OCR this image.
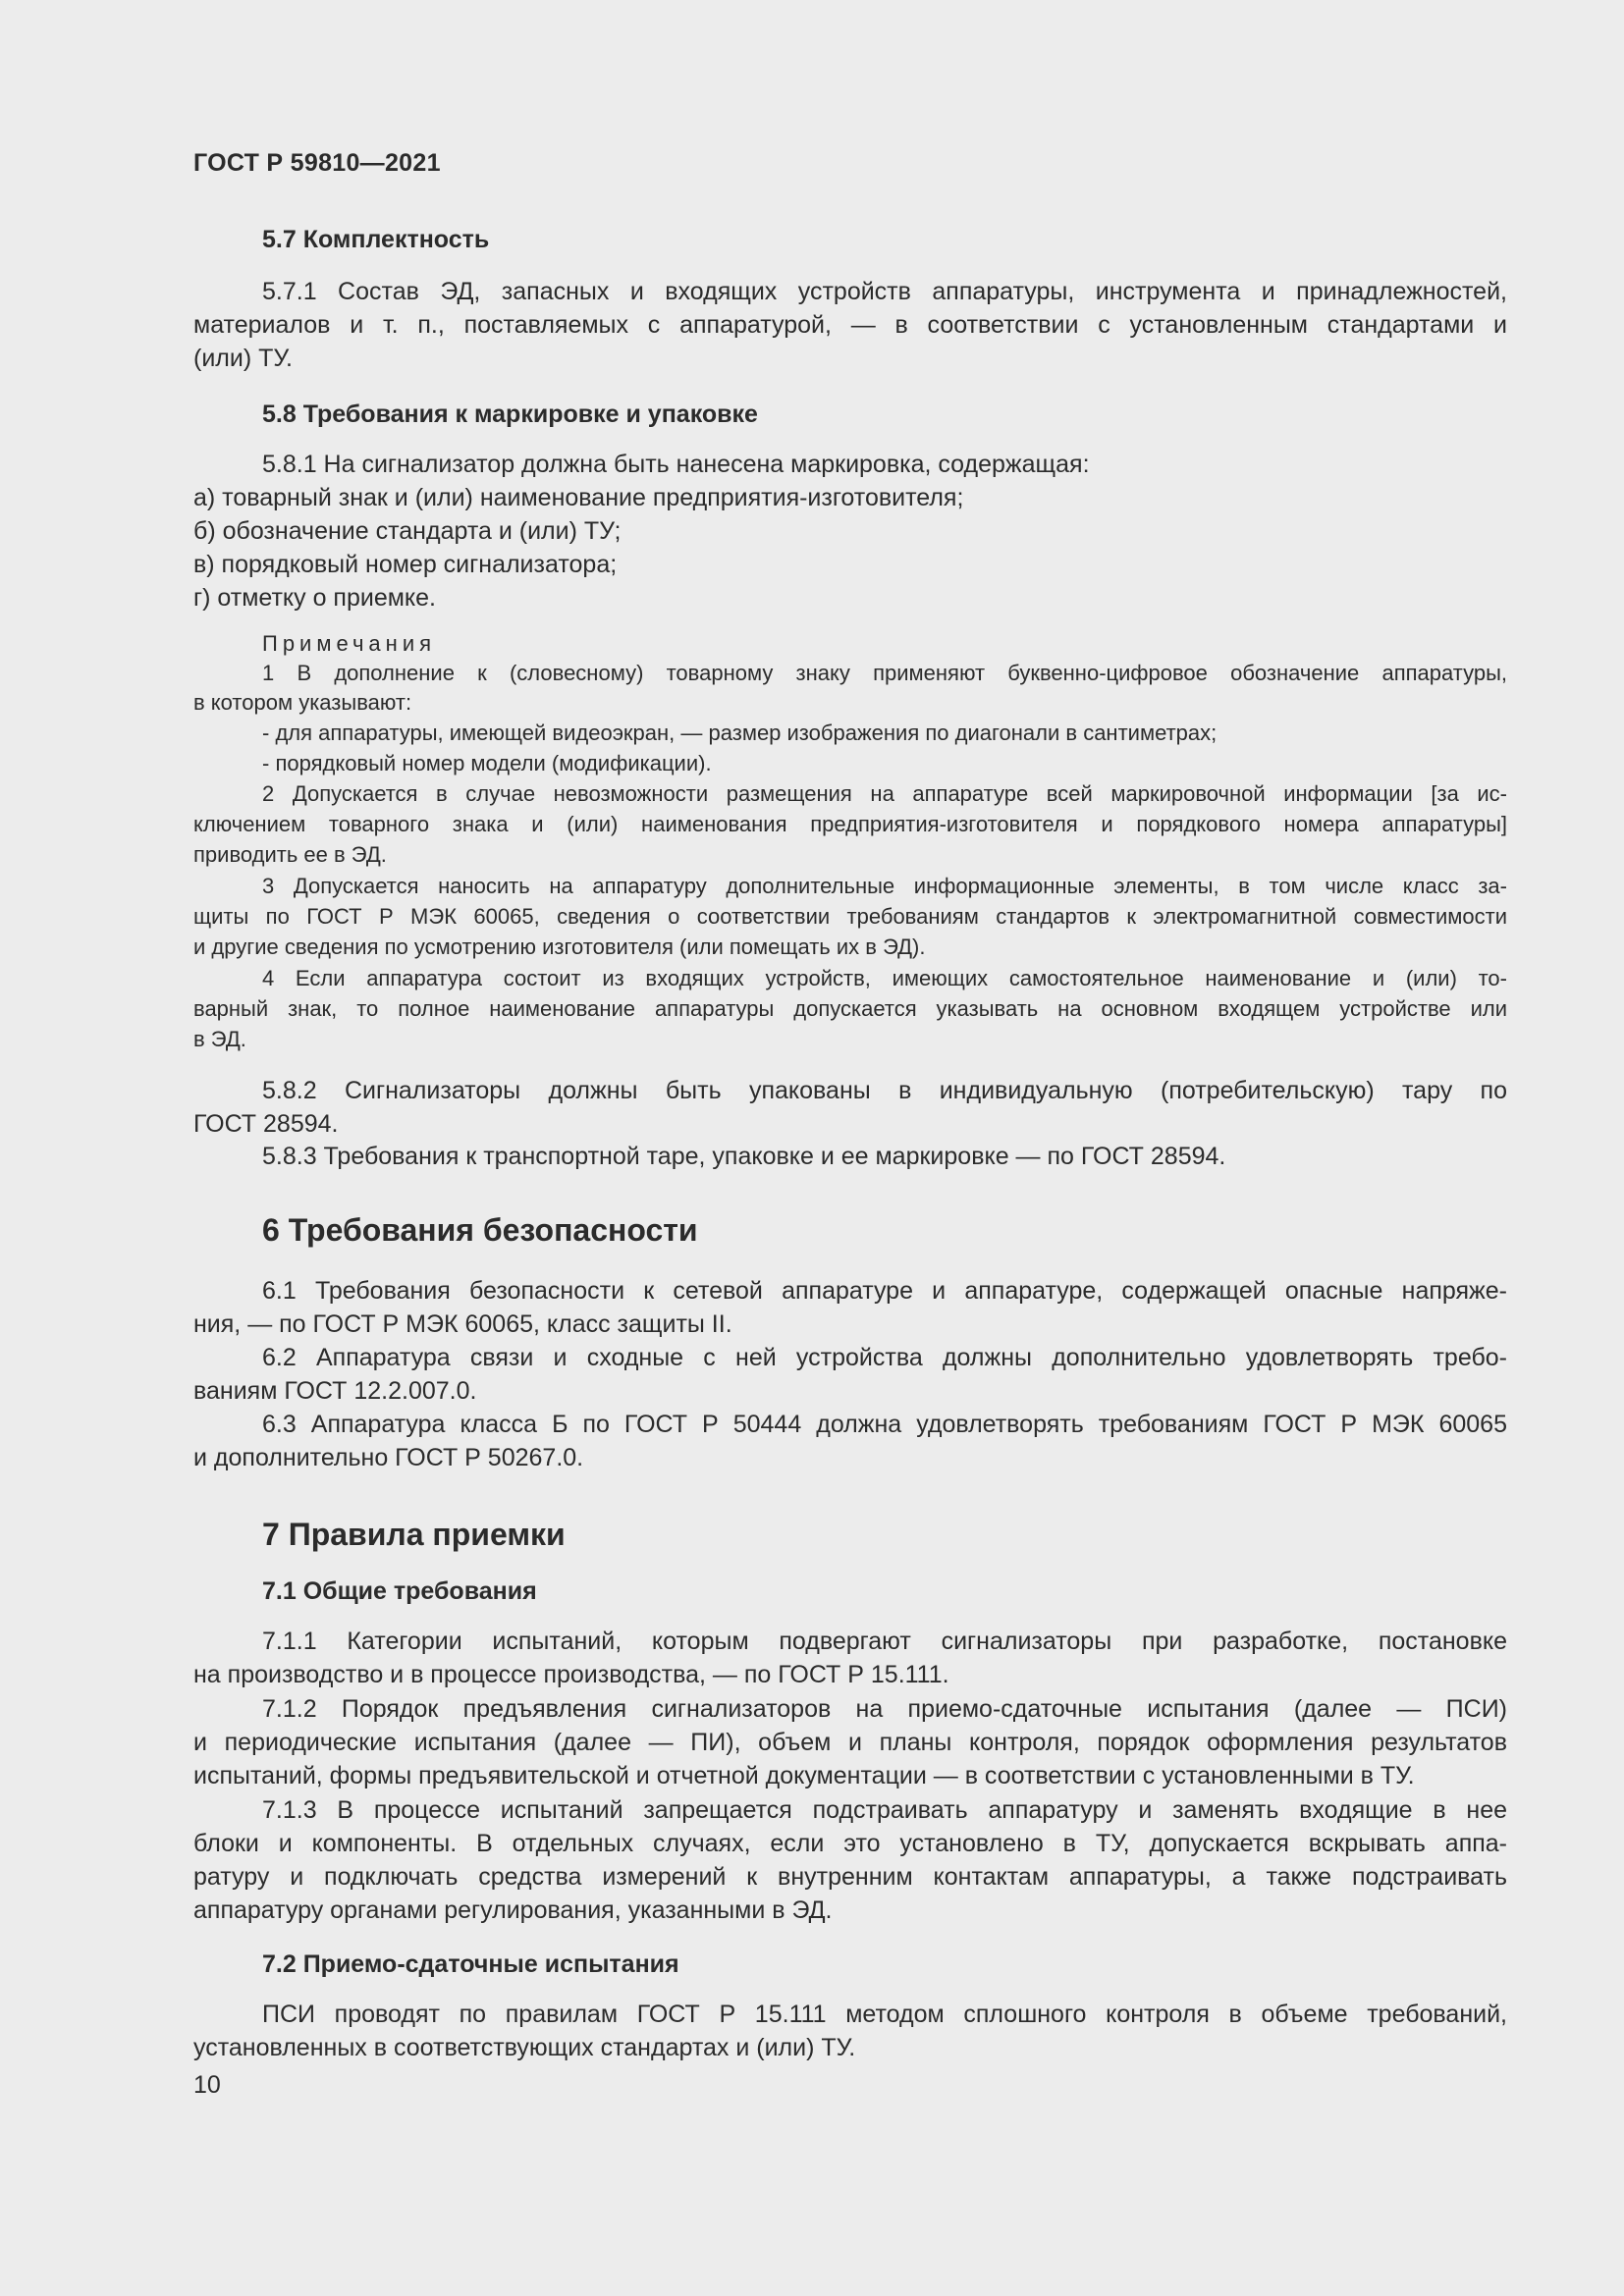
ГОСТ Р 59810—2021
5.7 Комплектность
5.7.1 Состав ЭД, запасных и входящих устройств аппаратуры, инструмента и принадлежностей,
материалов и т. п., поставляемых с аппаратурой, — в соответствии с установленным стандартами и
(или) ТУ.
5.8 Требования к маркировке и упаковке
5.8.1 На сигнализатор должна быть нанесена маркировка, содержащая:
а) товарный знак и (или) наименование предприятия-изготовителя;
б) обозначение стандарта и (или) ТУ;
в) порядковый номер сигнализатора;
г) отметку о приемке.
Примечания
1 В дополнение к (словесному) товарному знаку применяют буквенно-цифровое обозначение аппаратуры,
в котором указывают:
- для аппаратуры, имеющей видеоэкран, — размер изображения по диагонали в сантиметрах;
- порядковый номер модели (модификации).
2 Допускается в случае невозможности размещения на аппаратуре всей маркировочной информации [за ис-
ключением товарного знака и (или) наименования предприятия-изготовителя и порядкового номера аппаратуры]
приводить ее в ЭД.
3 Допускается наносить на аппаратуру дополнительные информационные элементы, в том числе класс за-
щиты по ГОСТ Р МЭК 60065, сведения о соответствии требованиям стандартов к электромагнитной совместимости
и другие сведения по усмотрению изготовителя (или помещать их в ЭД).
4 Если аппаратура состоит из входящих устройств, имеющих самостоятельное наименование и (или) то-
варный знак, то полное наименование аппаратуры допускается указывать на основном входящем устройстве или
в ЭД.
5.8.2 Сигнализаторы должны быть упакованы в индивидуальную (потребительскую) тару по
ГОСТ 28594.
5.8.3 Требования к транспортной таре, упаковке и ее маркировке — по ГОСТ 28594.
6 Требования безопасности
6.1 Требования безопасности к сетевой аппаратуре и аппаратуре, содержащей опасные напряже-
ния, — по ГОСТ Р МЭК 60065, класс защиты II.
6.2 Аппаратура связи и сходные с ней устройства должны дополнительно удовлетворять требо-
ваниям ГОСТ 12.2.007.0.
6.3 Аппаратура класса Б по ГОСТ Р 50444 должна удовлетворять требованиям ГОСТ Р МЭК 60065
и дополнительно ГОСТ Р 50267.0.
7 Правила приемки
7.1 Общие требования
7.1.1 Категории испытаний, которым подвергают сигнализаторы при разработке, постановке
на производство и в процессе производства, — по ГОСТ Р 15.111.
7.1.2 Порядок предъявления сигнализаторов на приемо-сдаточные испытания (далее — ПСИ)
и периодические испытания (далее — ПИ), объем и планы контроля, порядок оформления результатов
испытаний, формы предъявительской и отчетной документации — в соответствии с установленными в ТУ.
7.1.3 В процессе испытаний запрещается подстраивать аппаратуру и заменять входящие в нее
блоки и компоненты. В отдельных случаях, если это установлено в ТУ, допускается вскрывать аппа-
ратуру и подключать средства измерений к внутренним контактам аппаратуры, а также подстраивать
аппаратуру органами регулирования, указанными в ЭД.
7.2 Приемо-сдаточные испытания
ПСИ проводят по правилам ГОСТ Р 15.111 методом сплошного контроля в объеме требований,
установленных в соответствующих стандартах и (или) ТУ.
10
